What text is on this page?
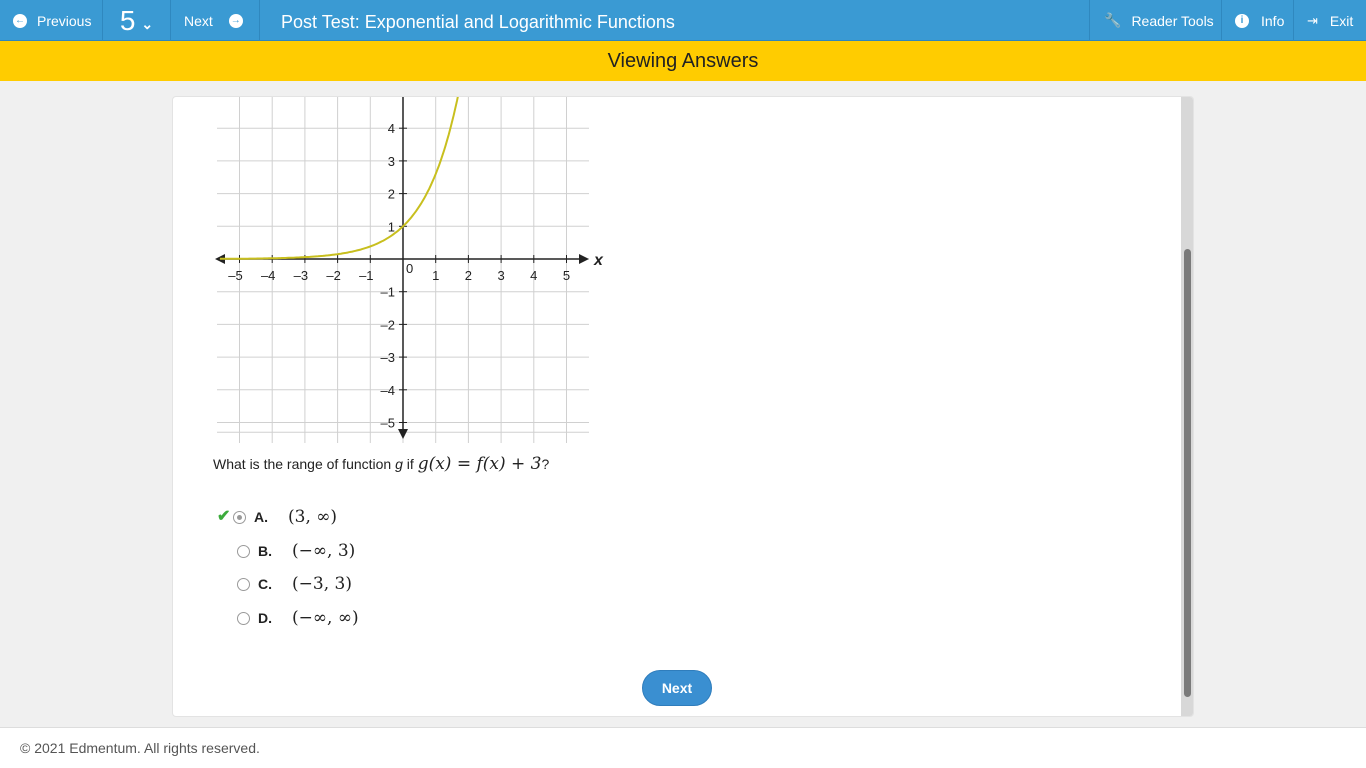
← Previous 5 ⌄ Next → Post Test: Exponential and Logarithmic Functions	🔧 Reader Tools	i	Info ⇥ Exit
Viewing Answers
–5 –4 –3 –2 –1	1 2 3 4 5
4
3
2
1
–1
–2
–3
–4
–5
x
0
What is the range of function g if g(x) = f(x) + 3?
✔ A.	(3, ∞)
B.	(−∞, 3)
C.	(−3, 3)
D.	(−∞, ∞)
Next
© 2021 Edmentum. All rights reserved.
